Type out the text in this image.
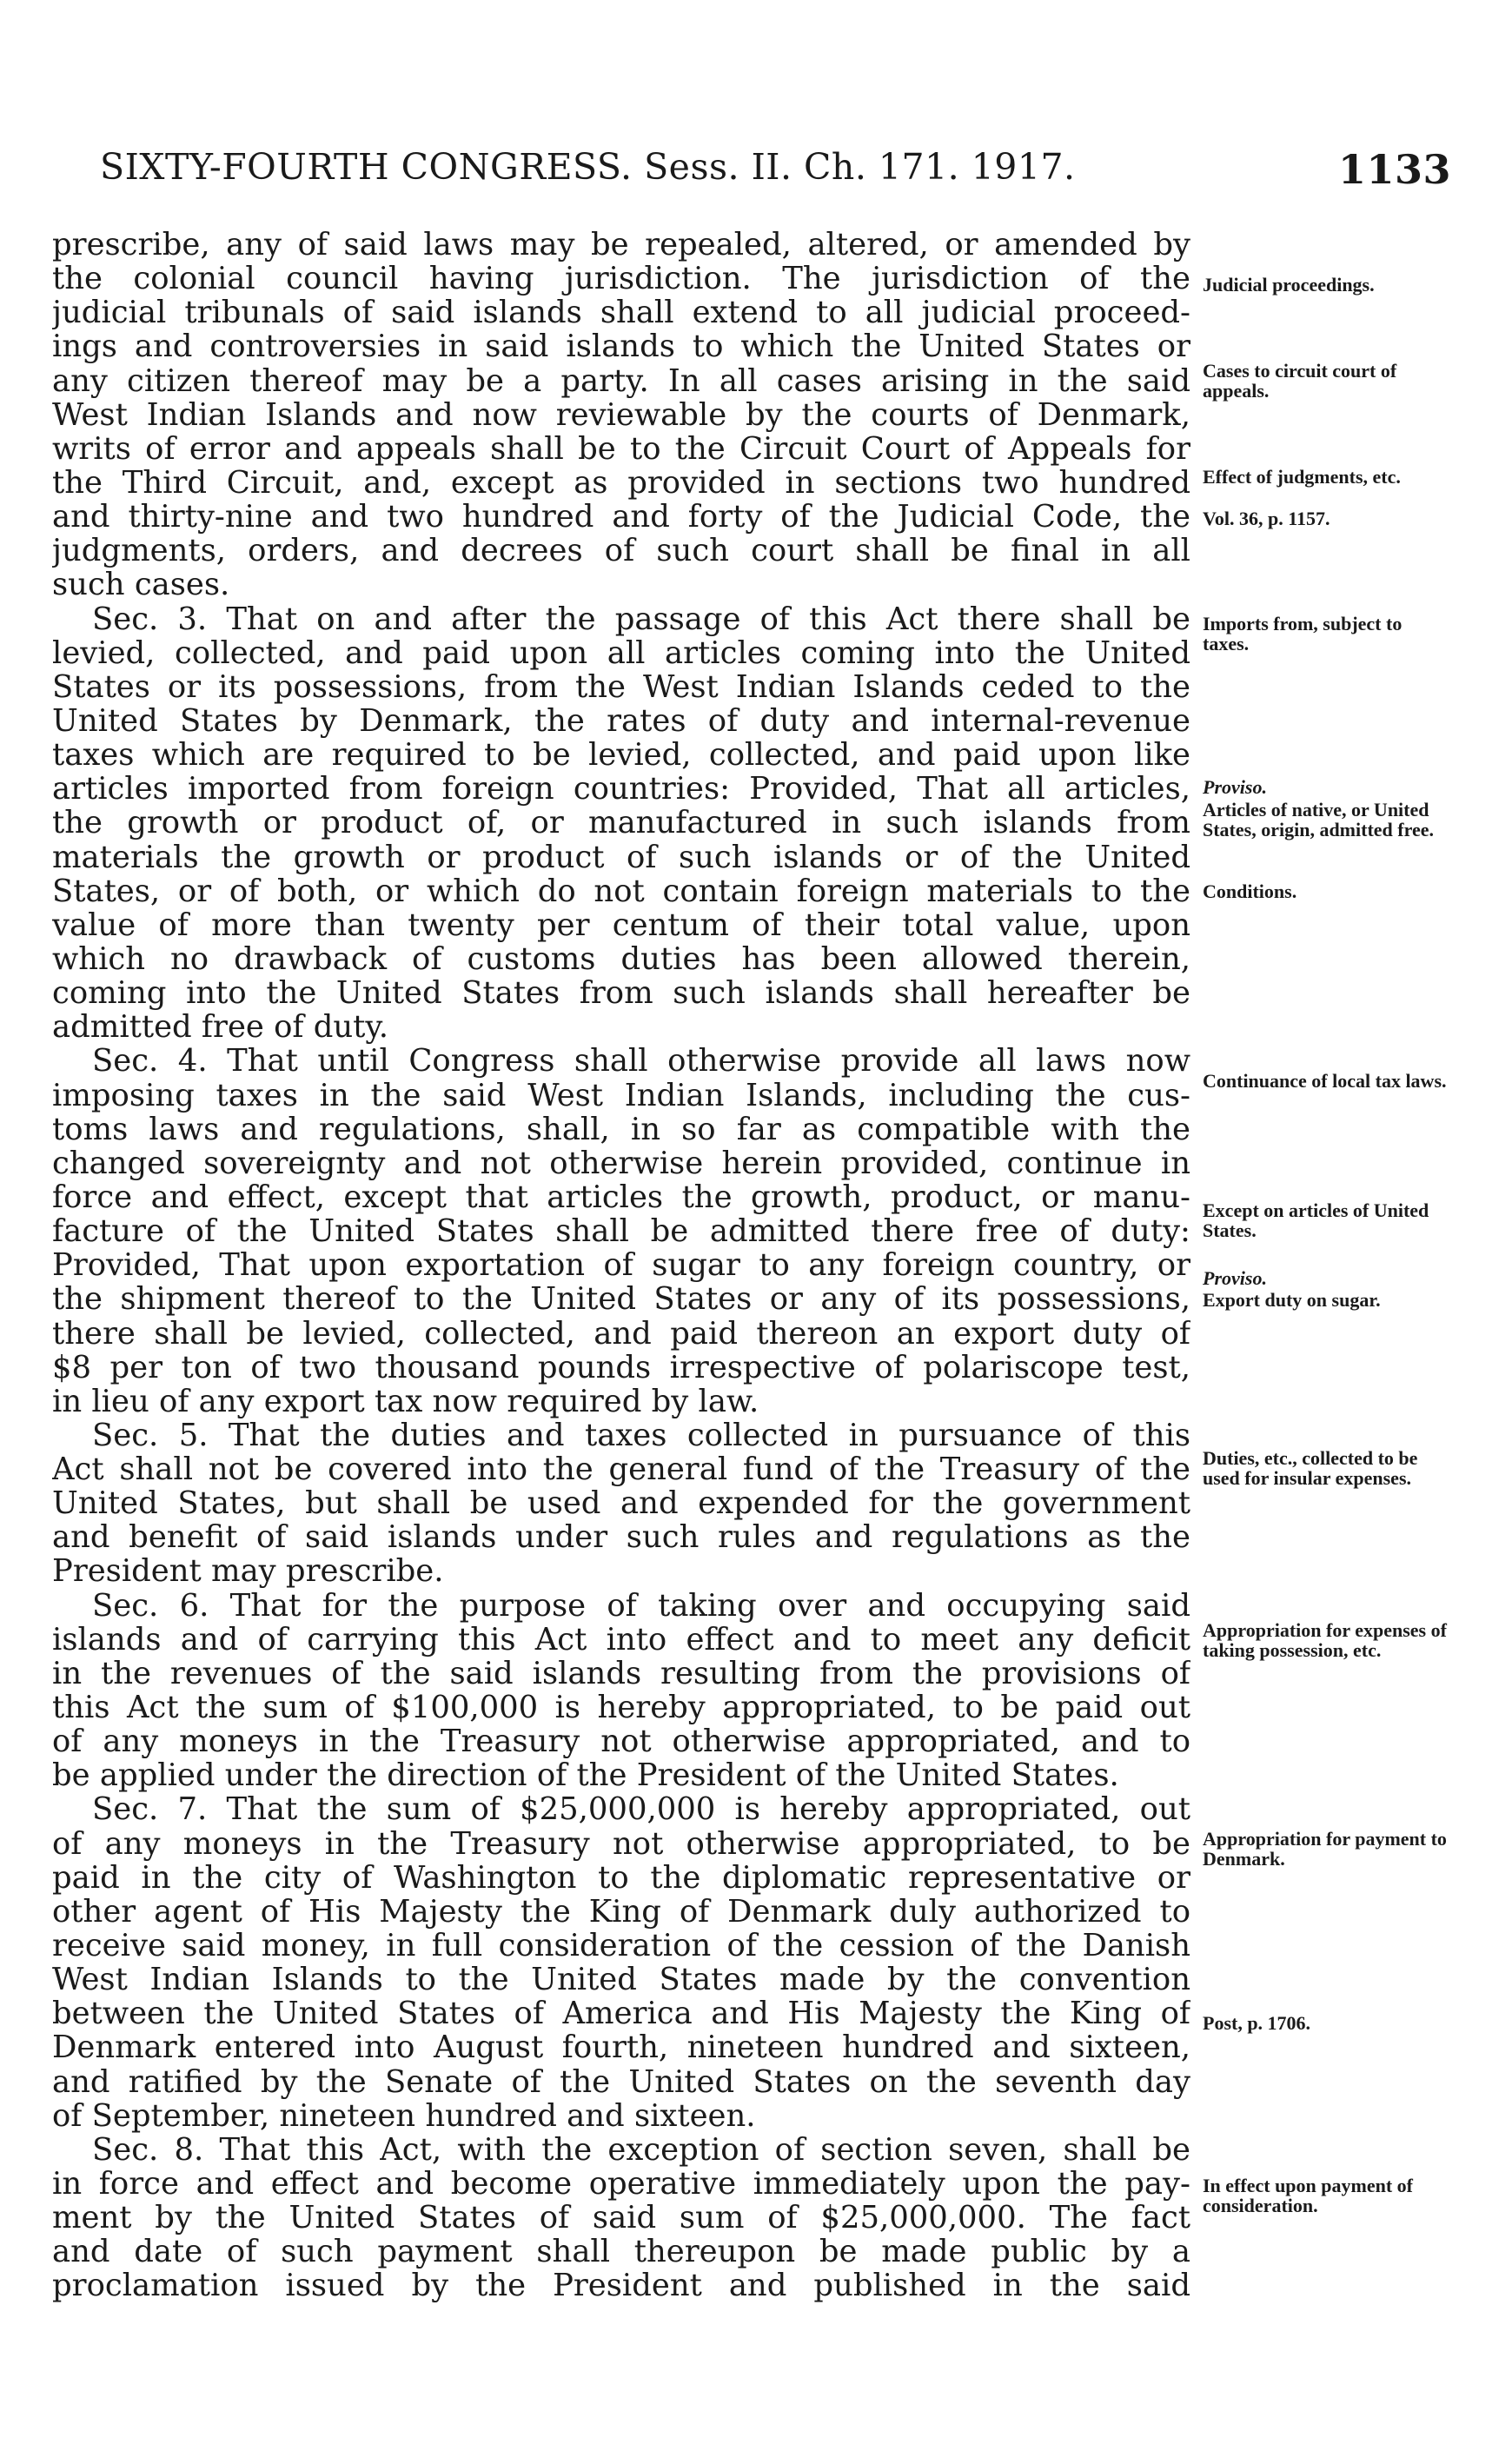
SIXTY-FOURTH CONGRESS. Sess. II. Ch. 171. 1917.	1133
prescribe, any of said laws may be repealed, altered, or amended by
the colonial council having jurisdiction. The jurisdiction of the
judicial tribunals of said islands shall extend to all judicial proceed-
ings and controversies in said islands to which the United States or
any citizen thereof may be a party. In all cases arising in the said
West Indian Islands and now reviewable by the courts of Denmark,
writs of error and appeals shall be to the Circuit Court of Appeals for
the Third Circuit, and, except as provided in sections two hundred
and thirty-nine and two hundred and forty of the Judicial Code, the
judgments, orders, and decrees of such court shall be final in all
such cases.
Sec. 3. That on and after the passage of this Act there shall be
levied, collected, and paid upon all articles coming into the United
States or its possessions, from the West Indian Islands ceded to the
United States by Denmark, the rates of duty and internal-revenue
taxes which are required to be levied, collected, and paid upon like
articles imported from foreign countries: Provided, That all articles,
the growth or product of, or manufactured in such islands from
materials the growth or product of such islands or of the United
States, or of both, or which do not contain foreign materials to the
value of more than twenty per centum of their total value, upon
which no drawback of customs duties has been allowed therein,
coming into the United States from such islands shall hereafter be
admitted free of duty.
Sec. 4. That until Congress shall otherwise provide all laws now
imposing taxes in the said West Indian Islands, including the cus-
toms laws and regulations, shall, in so far as compatible with the
changed sovereignty and not otherwise herein provided, continue in
force and effect, except that articles the growth, product, or manu-
facture of the United States shall be admitted there free of duty:
Provided, That upon exportation of sugar to any foreign country, or
the shipment thereof to the United States or any of its possessions,
there shall be levied, collected, and paid thereon an export duty of
$8 per ton of two thousand pounds irrespective of polariscope test,
in lieu of any export tax now required by law.
Sec. 5. That the duties and taxes collected in pursuance of this
Act shall not be covered into the general fund of the Treasury of the
United States, but shall be used and expended for the government
and benefit of said islands under such rules and regulations as the
President may prescribe.
Sec. 6. That for the purpose of taking over and occupying said
islands and of carrying this Act into effect and to meet any deficit
in the revenues of the said islands resulting from the provisions of
this Act the sum of $100,000 is hereby appropriated, to be paid out
of any moneys in the Treasury not otherwise appropriated, and to
be applied under the direction of the President of the United States.
Sec. 7. That the sum of $25,000,000 is hereby appropriated, out
of any moneys in the Treasury not otherwise appropriated, to be
paid in the city of Washington to the diplomatic representative or
other agent of His Majesty the King of Denmark duly authorized to
receive said money, in full consideration of the cession of the Danish
West Indian Islands to the United States made by the convention
between the United States of America and His Majesty the King of
Denmark entered into August fourth, nineteen hundred and sixteen,
and ratified by the Senate of the United States on the seventh day
of September, nineteen hundred and sixteen.
Sec. 8. That this Act, with the exception of section seven, shall be
in force and effect and become operative immediately upon the pay-
ment by the United States of said sum of $25,000,000. The fact
and date of such payment shall thereupon be made public by a
proclamation issued by the President and published in the said
Judicial proceedings.
Cases to circuit court of appeals.
Effect of judgments, etc.
Vol. 36, p. 1157.
Imports from, subject to taxes.
Proviso.
Articles of native, or United States, origin, admitted free.
Conditions.
Continuance of local tax laws.
Except on articles of United States.
Proviso.
Export duty on sugar.
Duties, etc., collected to be used for insular expenses.
Appropriation for expenses of taking possession, etc.
Appropriation for payment to Denmark.
Post, p. 1706.
In effect upon payment of consideration.
